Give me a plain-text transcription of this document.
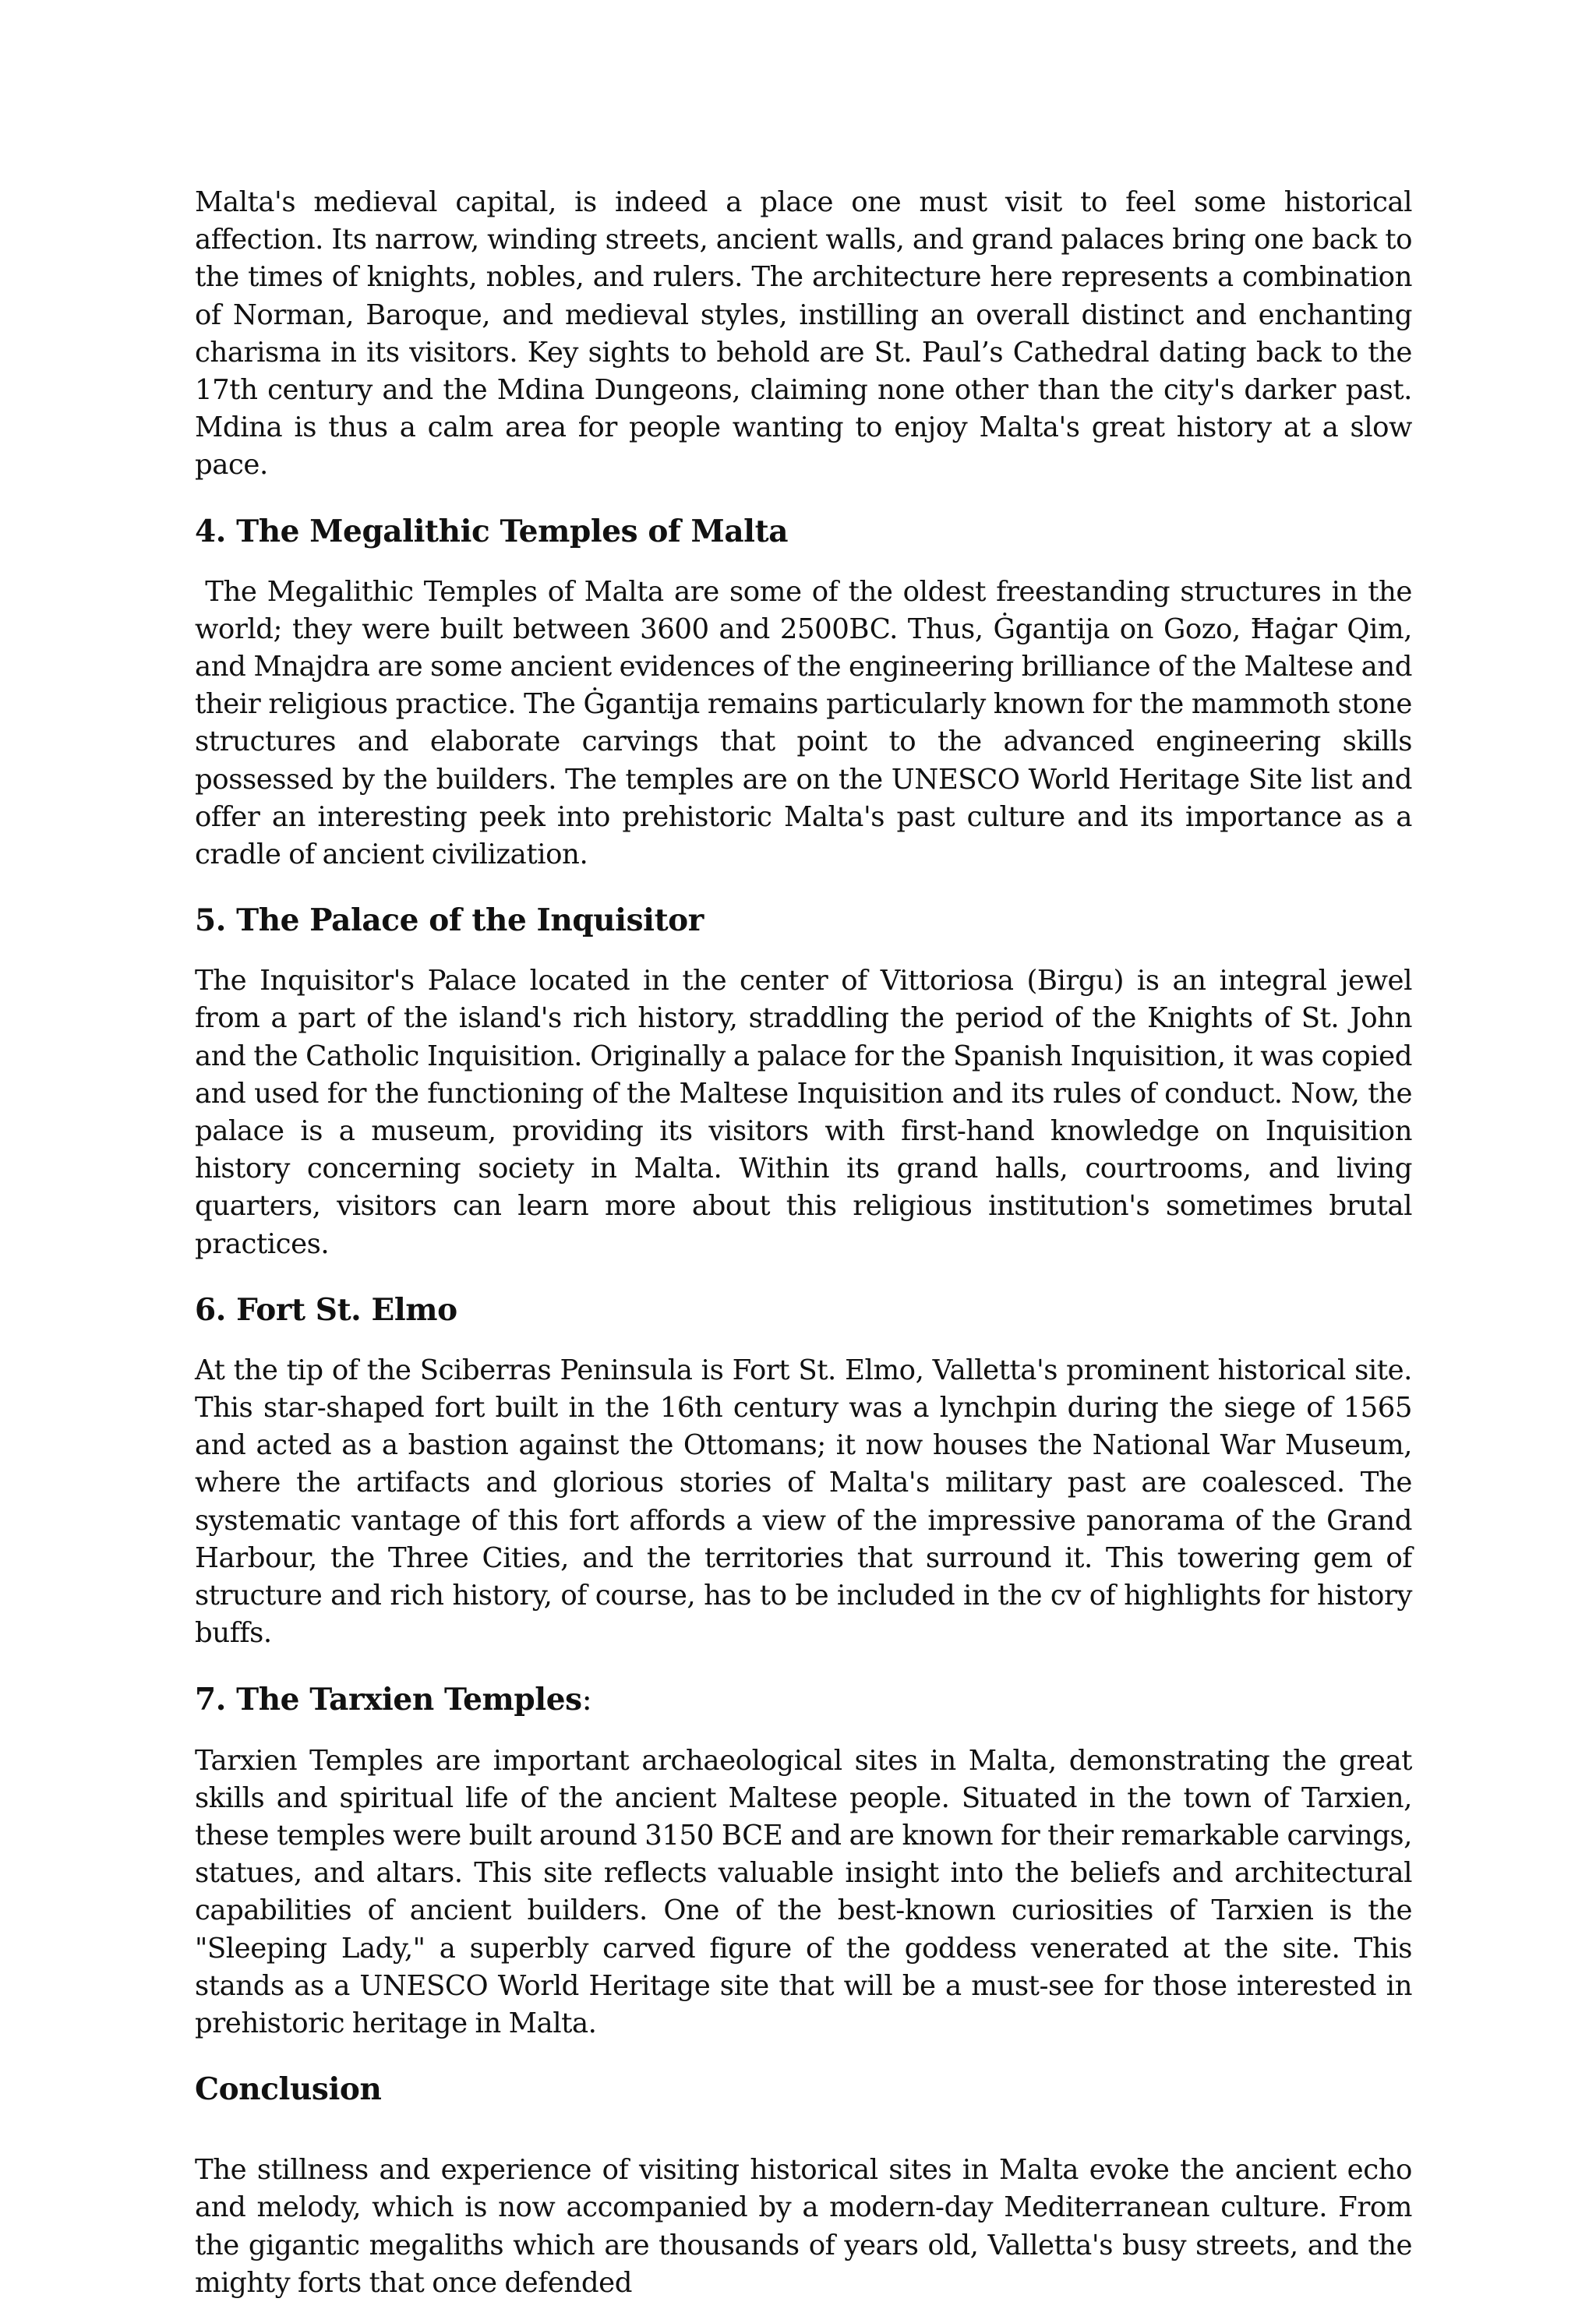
Malta's medieval capital, is indeed a place one must visit to feel some historical affection. Its narrow, winding streets, ancient walls, and grand palaces bring one back to the times of knights, nobles, and rulers. The architecture here represents a combination of Norman, Baroque, and medieval styles, instilling an overall distinct and enchanting charisma in its visitors. Key sights to behold are St. Paul’s Cathedral dating back to the 17th century and the Mdina Dungeons, claiming none other than the city's darker past. Mdina is thus a calm area for people wanting to enjoy Malta's great history at a slow pace.

4. The Megalithic Temples of Malta

The Megalithic Temples of Malta are some of the oldest freestanding structures in the world; they were built between 3600 and 2500BC. Thus, Ġgantija on Gozo, Ħaġar Qim, and Mnajdra are some ancient evidences of the engineering brilliance of the Maltese and their religious practice. The Ġgantija remains particularly known for the mammoth stone structures and elaborate carvings that point to the advanced engineering skills possessed by the builders. The temples are on the UNESCO World Heritage Site list and offer an interesting peek into prehistoric Malta's past culture and its importance as a cradle of ancient civilization.

5. The Palace of the Inquisitor

The Inquisitor's Palace located in the center of Vittoriosa (Birgu) is an integral jewel from a part of the island's rich history, straddling the period of the Knights of St. John and the Catholic Inquisition. Originally a palace for the Spanish Inquisition, it was copied and used for the functioning of the Maltese Inquisition and its rules of conduct. Now, the palace is a museum, providing its visitors with first-hand knowledge on Inquisition history concerning society in Malta. Within its grand halls, courtrooms, and living quarters, visitors can learn more about this religious institution's sometimes brutal practices.

6. Fort St. Elmo

At the tip of the Sciberras Peninsula is Fort St. Elmo, Valletta's prominent historical site. This star-shaped fort built in the 16th century was a lynchpin during the siege of 1565 and acted as a bastion against the Ottomans; it now houses the National War Museum, where the artifacts and glorious stories of Malta's military past are coalesced. The systematic vantage of this fort affords a view of the impressive panorama of the Grand Harbour, the Three Cities, and the territories that surround it. This towering gem of structure and rich history, of course, has to be included in the cv of highlights for history buffs.

7. The Tarxien Temples:

Tarxien Temples are important archaeological sites in Malta, demonstrating the great skills and spiritual life of the ancient Maltese people. Situated in the town of Tarxien, these temples were built around 3150 BCE and are known for their remarkable carvings, statues, and altars. This site reflects valuable insight into the beliefs and architectural capabilities of ancient builders. One of the best-known curiosities of Tarxien is the "Sleeping Lady," a superbly carved figure of the goddess venerated at the site. This stands as a UNESCO World Heritage site that will be a must-see for those interested in prehistoric heritage in Malta.

Conclusion

The stillness and experience of visiting historical sites in Malta evoke the ancient echo and melody, which is now accompanied by a modern-day Mediterranean culture. From the gigantic megaliths which are thousands of years old, Valletta's busy streets, and the mighty forts that once defended
